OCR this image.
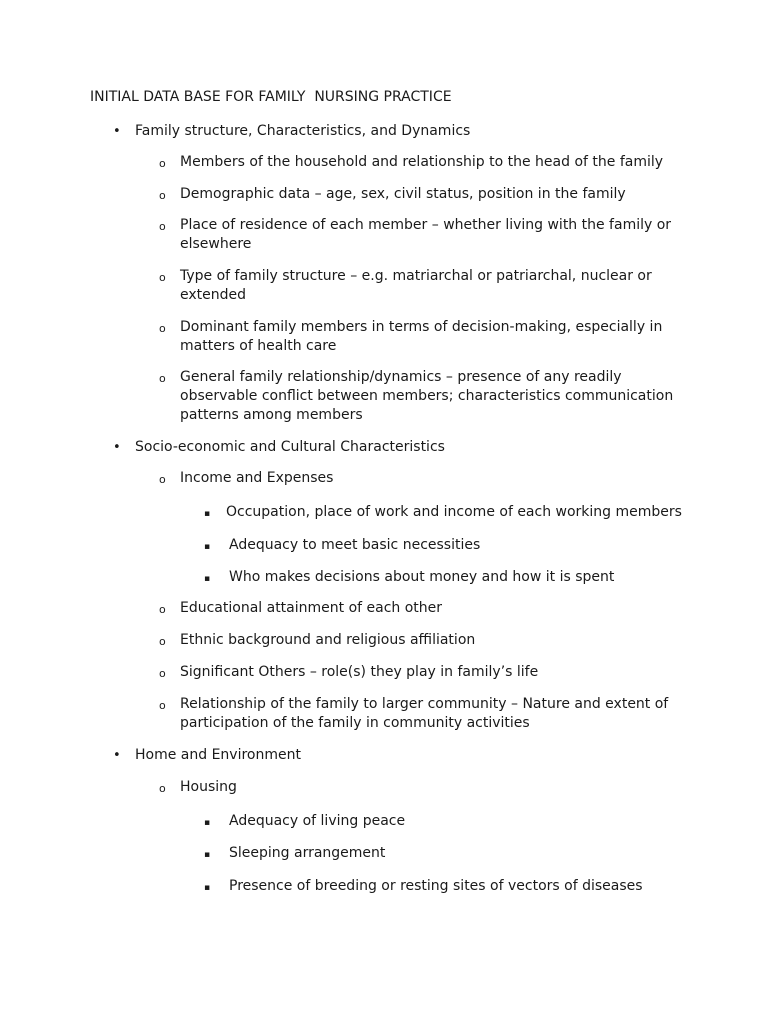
INITIAL DATA BASE FOR FAMILY  NURSING PRACTICE
• Family structure, Characteristics, and Dynamics
o Members of the household and relationship to the head of the family
o Demographic data – age, sex, civil status, position in the family
o Place of residence of each member – whether living with the family or elsewhere
o Type of family structure – e.g. matriarchal or patriarchal, nuclear or extended
o Dominant family members in terms of decision-making, especially in matters of health care
o General family relationship/dynamics – presence of any readily observable conflict between members; characteristics communication patterns among members
• Socio-economic and Cultural Characteristics
o Income and Expenses
▪ Occupation, place of work and income of each working members
▪ Adequacy to meet basic necessities
▪ Who makes decisions about money and how it is spent
o Educational attainment of each other
o Ethnic background and religious affiliation
o Significant Others – role(s) they play in family’s life
o Relationship of the family to larger community – Nature and extent of participation of the family in community activities
• Home and Environment
o Housing
▪ Adequacy of living peace
▪ Sleeping arrangement
▪ Presence of breeding or resting sites of vectors of diseases
